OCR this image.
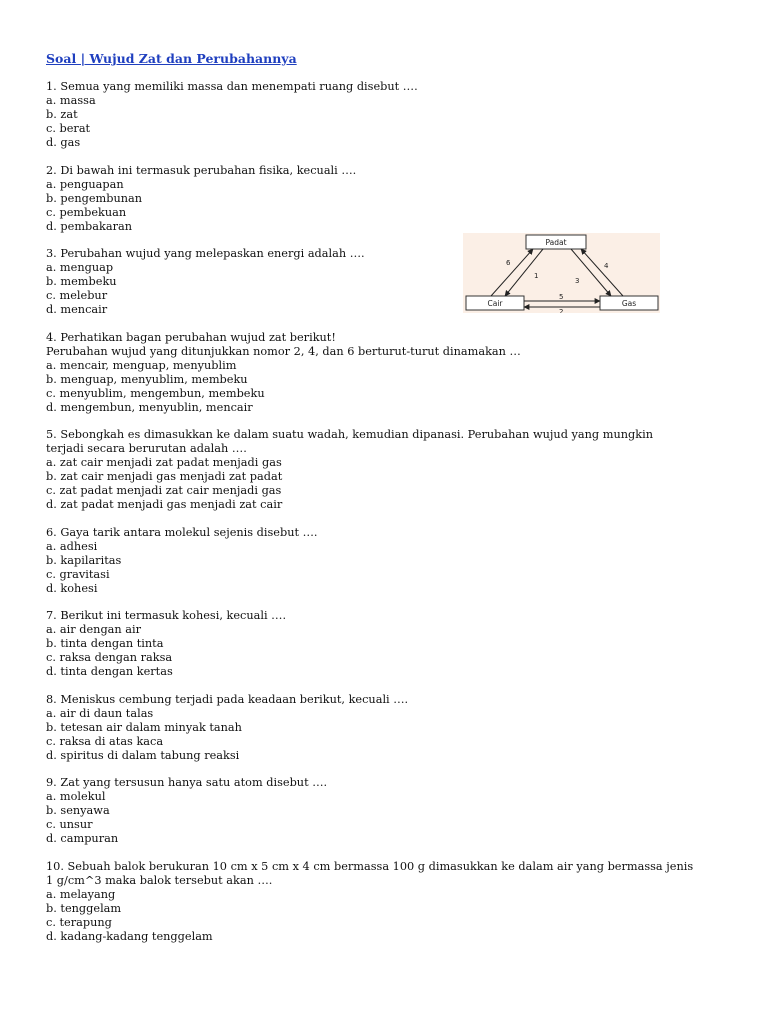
Soal | Wujud Zat dan Perubahannya

1. Semua yang memiliki massa dan menempati ruang disebut ….

a. massa

b. zat

c. berat

d. gas

2. Di bawah ini termasuk perubahan fisika, kecuali ….

a. penguapan

b. pengembunan

c. pembekuan

d. pembakaran

3. Perubahan wujud yang melepaskan energi adalah ….

a. menguap

b. membeku

c. melebur

d. mencair

4. Perhatikan bagan perubahan wujud zat berikut!

Perubahan wujud yang ditunjukkan nomor 2, 4, dan 6 berturut-turut dinamakan …

a. mencair, menguap, menyublim

b. menguap, menyublim, membeku

c. menyublim, mengembun, membeku

d. mengembun, menyublin, mencair

5. Sebongkah es dimasukkan ke dalam suatu wadah, kemudian dipanasi. Perubahan wujud yang mungkin

terjadi secara berurutan adalah ….

a. zat cair menjadi zat padat menjadi gas

b. zat cair menjadi gas menjadi zat padat

c. zat padat menjadi zat cair menjadi gas

d. zat padat menjadi gas menjadi zat cair

6. Gaya tarik antara molekul sejenis disebut ….

a. adhesi

b. kapilaritas

c. gravitasi

d. kohesi

7. Berikut ini termasuk kohesi, kecuali ….

a. air dengan air

b. tinta dengan tinta

c. raksa dengan raksa

d. tinta dengan kertas

8. Meniskus cembung terjadi pada keadaan berikut, kecuali ….

a. air di daun talas

b. tetesan air dalam minyak tanah

c. raksa di atas kaca

d. spiritus di dalam tabung reaksi

9. Zat yang tersusun hanya satu atom disebut ….

a. molekul

b. senyawa

c. unsur

d. campuran

10. Sebuah balok berukuran 10 cm x 5 cm x 4 cm bermassa 100 g dimasukkan ke dalam air yang bermassa jenis

1 g/cm^3 maka balok tersebut akan ….

a. melayang

b. tenggelam

c. terapung

d. kadang-kadang tenggelam

Padat
Cair	Gas
6
1
3
4
5
2
